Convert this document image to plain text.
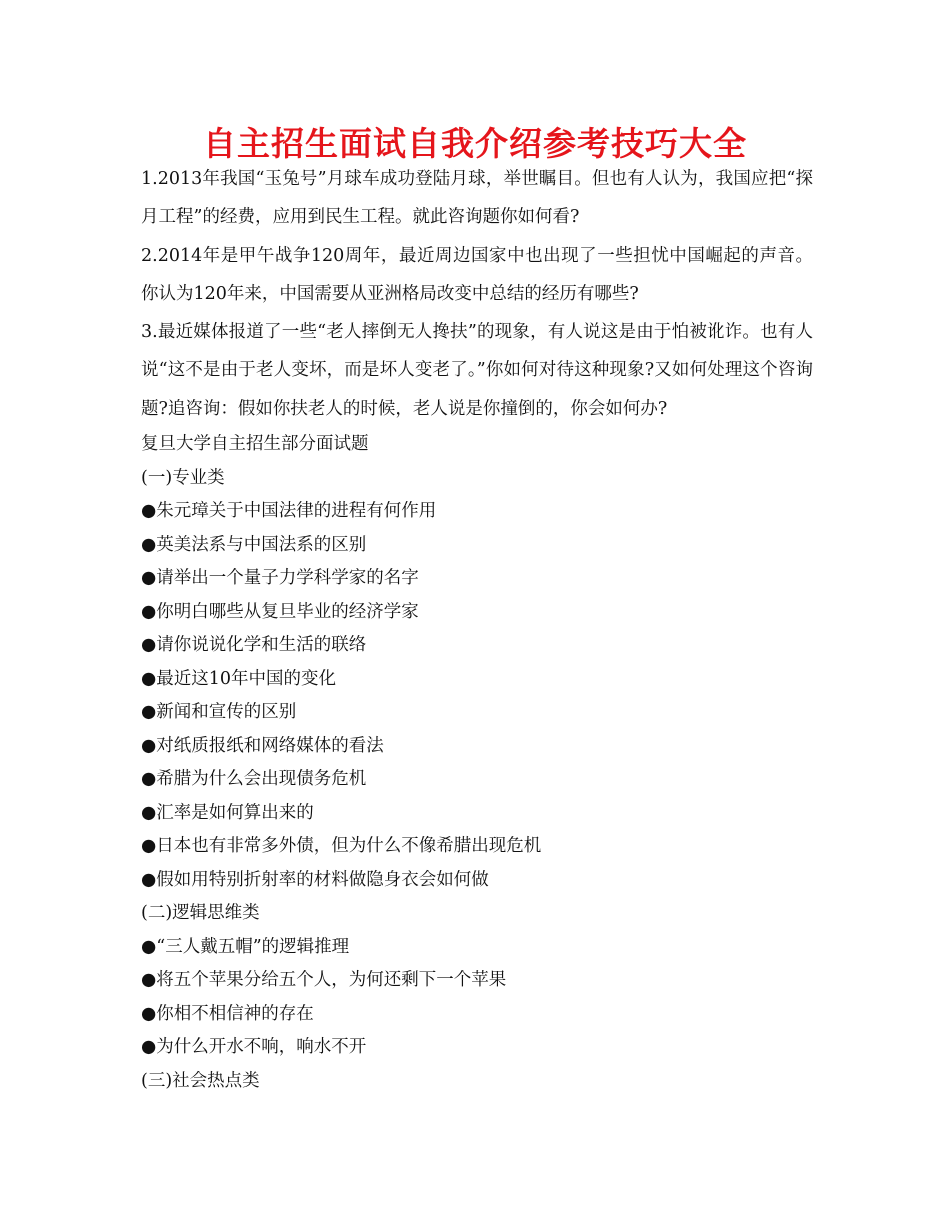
自主招生面试自我介绍参考技巧大全

1.2013年我国“玉兔号”月球车成功登陆月球，举世瞩目。但也有人认为，我国应把“探月工程”的经费，应用到民生工程。就此咨询题你如何看?

2.2014年是甲午战争120周年，最近周边国家中也出现了一些担忧中国崛起的声音。你认为120年来，中国需要从亚洲格局改变中总结的经历有哪些?

3.最近媒体报道了一些“老人摔倒无人搀扶”的现象，有人说这是由于怕被讹诈。也有人说“这不是由于老人变坏，而是坏人变老了。”你如何对待这种现象?又如何处理这个咨询题?追咨询：假如你扶老人的时候，老人说是你撞倒的，你会如何办?

复旦大学自主招生部分面试题

(一)专业类

●朱元璋关于中国法律的进程有何作用

●英美法系与中国法系的区别

●请举出一个量子力学科学家的名字

●你明白哪些从复旦毕业的经济学家

●请你说说化学和生活的联络

●最近这10年中国的变化

●新闻和宣传的区别

●对纸质报纸和网络媒体的看法

●希腊为什么会出现债务危机

●汇率是如何算出来的

●日本也有非常多外债，但为什么不像希腊出现危机

●假如用特别折射率的材料做隐身衣会如何做

(二)逻辑思维类

●“三人戴五帽”的逻辑推理

●将五个苹果分给五个人，为何还剩下一个苹果

●你相不相信神的存在

●为什么开水不响，响水不开

(三)社会热点类
